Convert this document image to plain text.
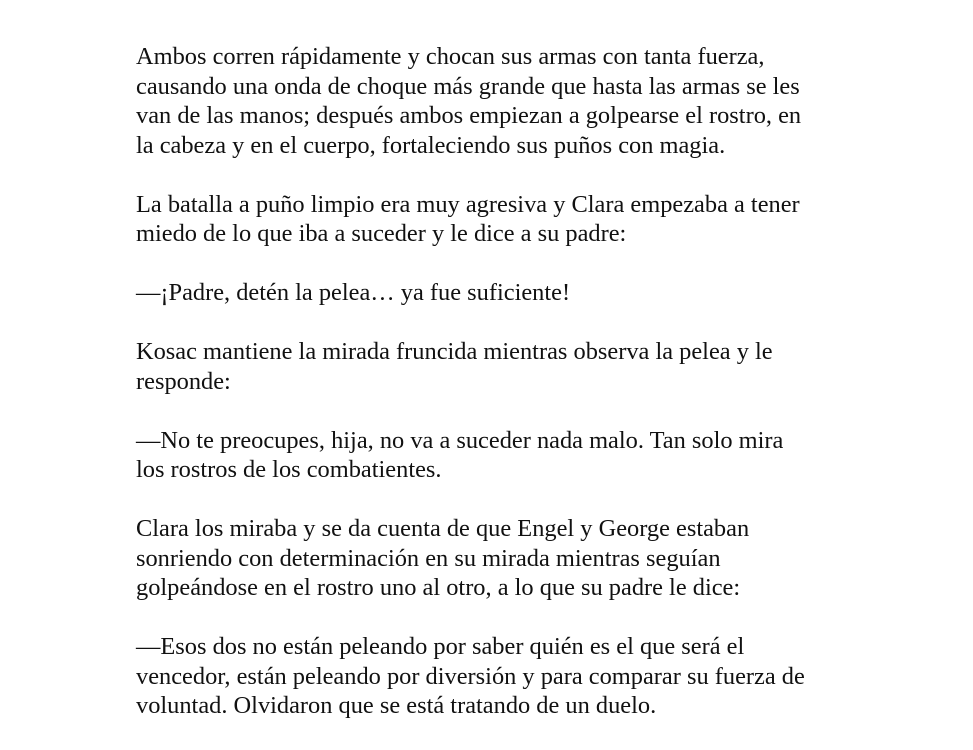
Ambos corren rápidamente y chocan sus armas con tanta fuerza,
causando una onda de choque más grande que hasta las armas se les
van de las manos; después ambos empiezan a golpearse el rostro, en
la cabeza y en el cuerpo, fortaleciendo sus puños con magia.

La batalla a puño limpio era muy agresiva y Clara empezaba a tener
miedo de lo que iba a suceder y le dice a su padre:

—¡Padre, detén la pelea… ya fue suficiente!

Kosac mantiene la mirada fruncida mientras observa la pelea y le
responde:

—No te preocupes, hija, no va a suceder nada malo. Tan solo mira
los rostros de los combatientes.

Clara los miraba y se da cuenta de que Engel y George estaban
sonriendo con determinación en su mirada mientras seguían
golpeándose en el rostro uno al otro, a lo que su padre le dice:

—Esos dos no están peleando por saber quién es el que será el
vencedor, están peleando por diversión y para comparar su fuerza de
voluntad. Olvidaron que se está tratando de un duelo.
